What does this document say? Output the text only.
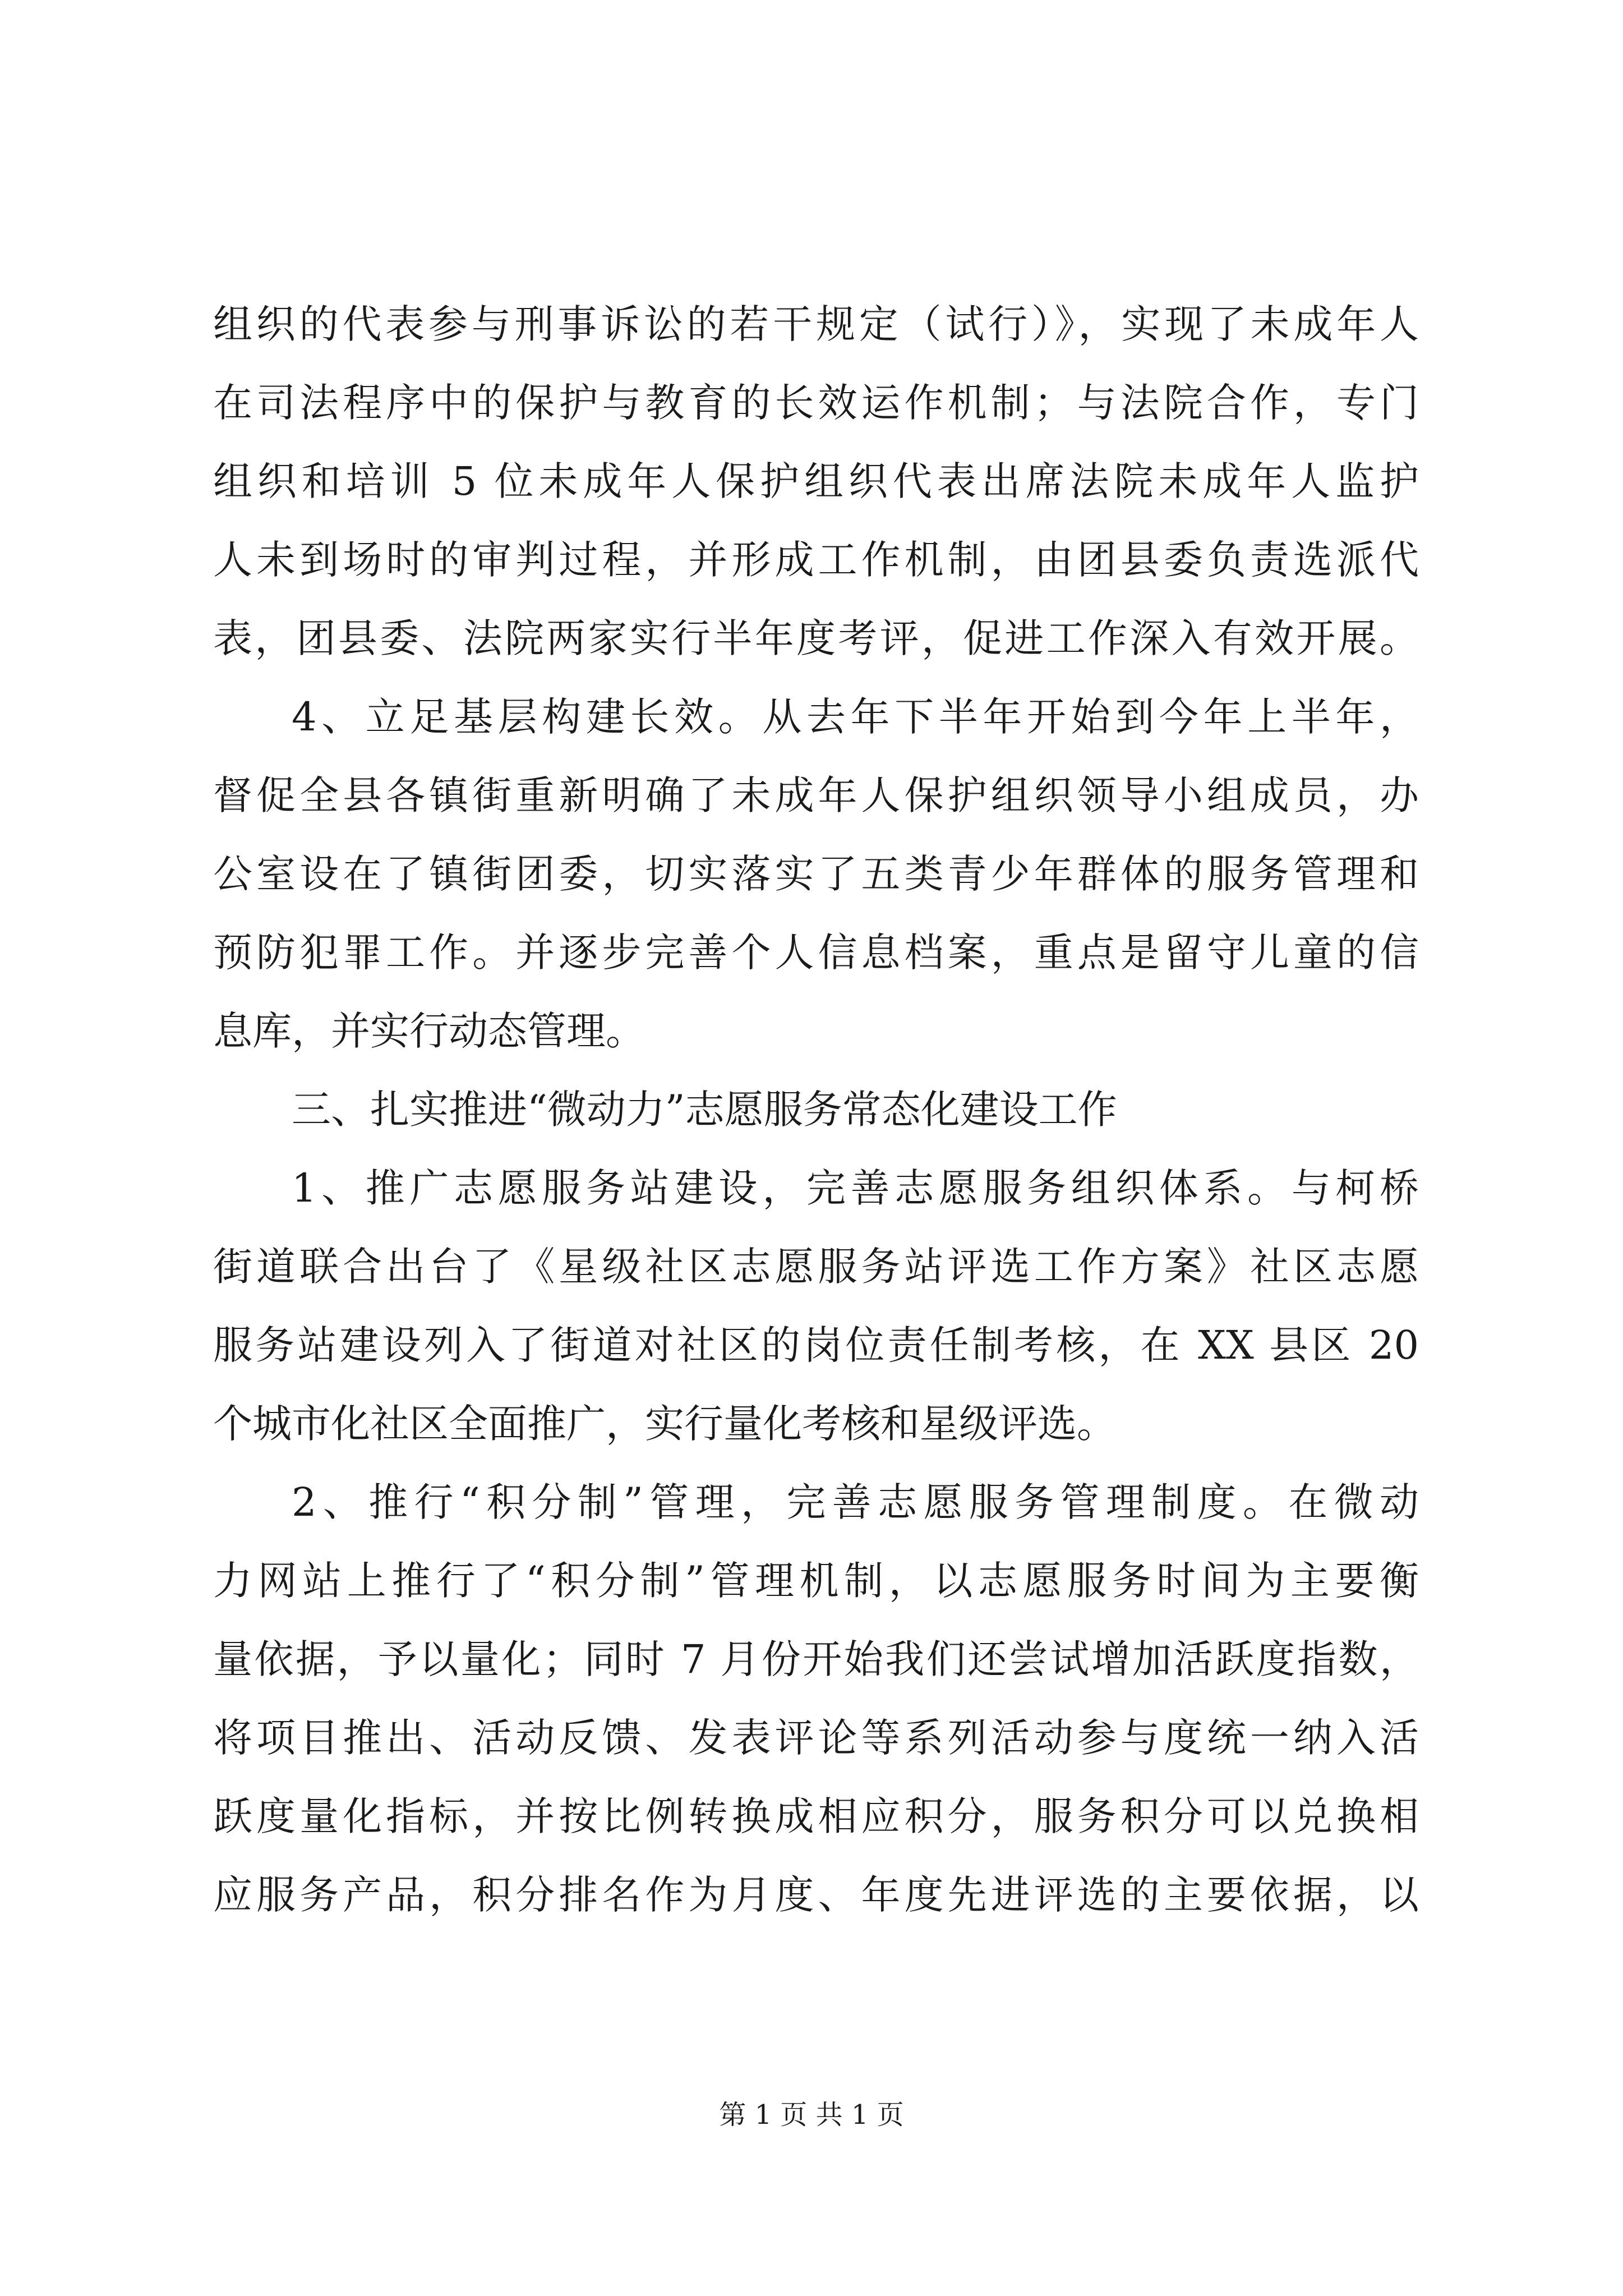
组织的代表参与刑事诉讼的若干规定（试行）》，实现了未成年人
在司法程序中的保护与教育的长效运作机制；与法院合作，专门
组织和培训 5 位未成年人保护组织代表出席法院未成年人监护
人未到场时的审判过程，并形成工作机制，由团县委负责选派代
表，团县委、法院两家实行半年度考评，促进工作深入有效开展。
4、立足基层构建长效。从去年下半年开始到今年上半年，
督促全县各镇街重新明确了未成年人保护组织领导小组成员，办
公室设在了镇街团委，切实落实了五类青少年群体的服务管理和
预防犯罪工作。并逐步完善个人信息档案，重点是留守儿童的信
息库，并实行动态管理。
三、扎实推进“微动力”志愿服务常态化建设工作
1、推广志愿服务站建设，完善志愿服务组织体系。与柯桥
街道联合出台了《星级社区志愿服务站评选工作方案》社区志愿
服务站建设列入了街道对社区的岗位责任制考核，在 XX 县区 20
个城市化社区全面推广，实行量化考核和星级评选。
2、推行“积分制”管理，完善志愿服务管理制度。在微动
力网站上推行了“积分制”管理机制，以志愿服务时间为主要衡
量依据，予以量化；同时 7 月份开始我们还尝试增加活跃度指数，
将项目推出、活动反馈、发表评论等系列活动参与度统一纳入活
跃度量化指标，并按比例转换成相应积分，服务积分可以兑换相
应服务产品，积分排名作为月度、年度先进评选的主要依据，以
第 1 页 共 1 页
